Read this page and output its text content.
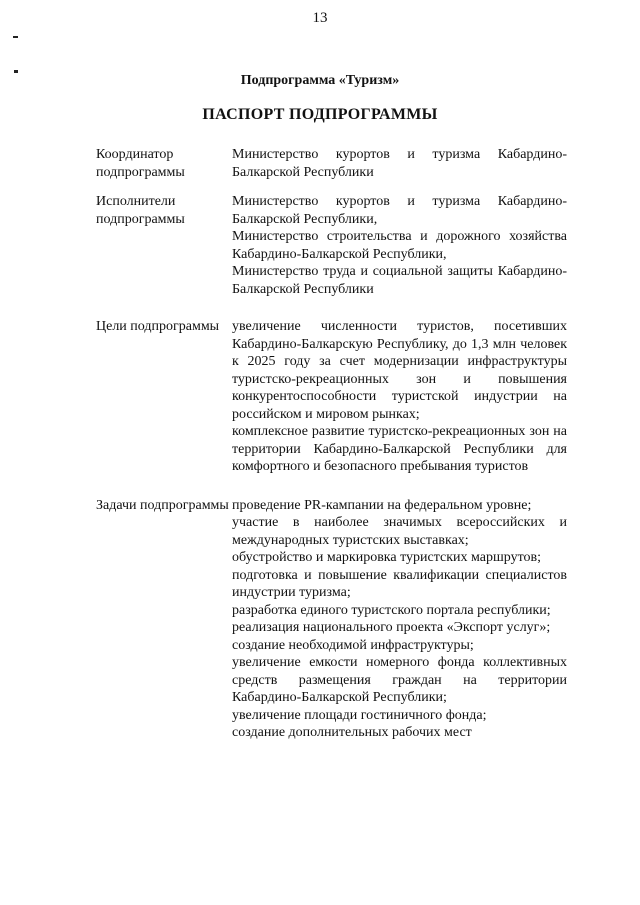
13
Подпрограмма «Туризм»
ПАСПОРТ ПОДПРОГРАММЫ
Координатор подпрограммы

Министерство курортов и туризма Кабардино-Балкарской Республики

Исполнители подпрограммы

Министерство курортов и туризма Кабардино-Балкарской Республики,

Министерство строительства и дорожного хозяйства Кабардино-Балкарской Республики,

Министерство труда и социальной защиты Кабардино-Балкарской Республики

Цели подпрограммы увеличение численности туристов, посетивших Кабардино-Балкарскую Республику, до 1,3 млн человек к 2025 году за счет модернизации инфраструктуры туристско-рекреационных зон и повышения конкурентоспособности туристской индустрии на российском и мировом рынках;

комплексное развитие туристско-рекреационных зон на территории Кабардино-Балкарской Республики для комфортного и безопасного пребывания туристов

Задачи подпрограммы проведение PR-кампании на федеральном уровне;

участие в наиболее значимых всероссийских и международных туристских выставках;

обустройство и маркировка туристских маршрутов;

подготовка и повышение квалификации специалистов индустрии туризма;

разработка единого туристского портала республики;

реализация национального проекта «Экспорт услуг»;

создание необходимой инфраструктуры;

увеличение емкости номерного фонда коллективных средств размещения граждан на территории Кабардино-Балкарской Республики;

увеличение площади гостиничного фонда;

создание дополнительных рабочих мест
